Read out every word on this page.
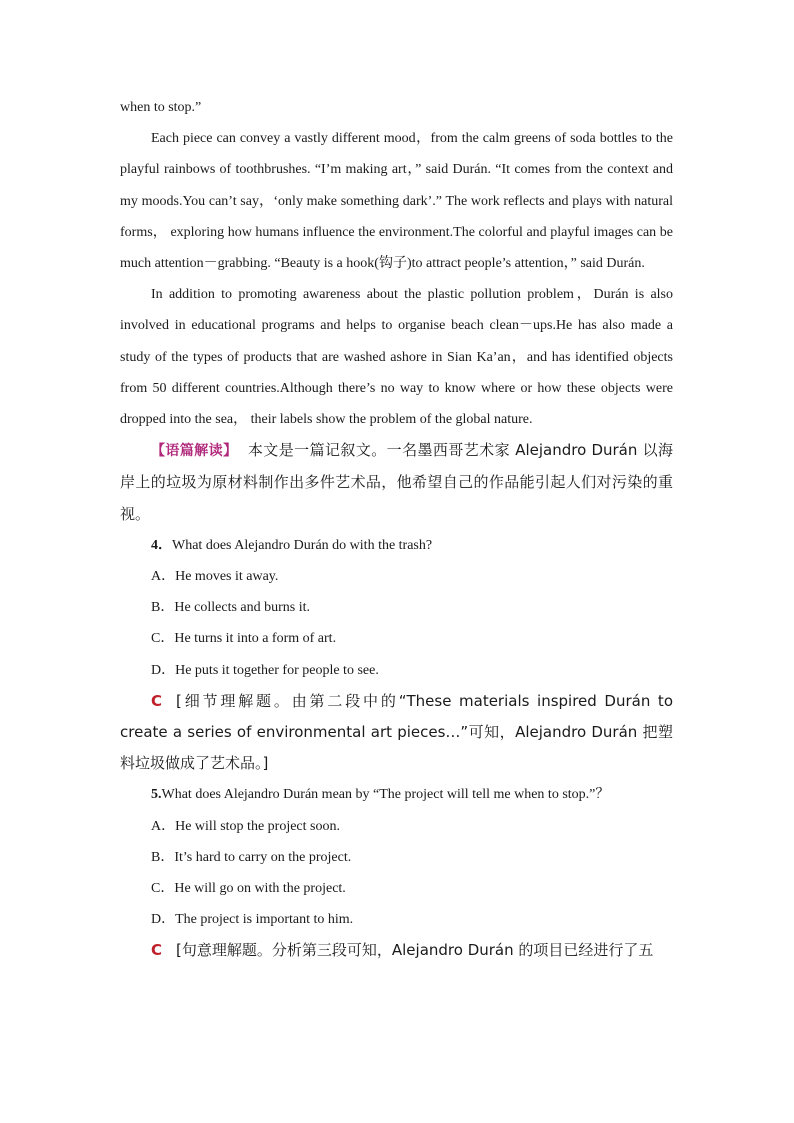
when to stop.”

Each piece can convey a vastly different mood，from the calm greens of soda bottles to the playful rainbows of toothbrushes. “I’m making art，” said Durán. “It comes from the context and my moods.You can’t say，‘only make something dark’.” The work reflects and plays with natural forms， exploring how humans influence the environment.The colorful and playful images can be much attention－grabbing. “Beauty is a hook(钩子)to attract people’s attention，” said Durán.

In addition to promoting awareness about the plastic pollution problem，Durán is also involved in educational programs and helps to organise beach clean－ups.He has also made a study of the types of products that are washed ashore in Sian Ka’an，and has identified objects from 50 different countries.Although there’s no way to know where or how these objects were dropped into the sea， their labels show the problem of the global nature.

【语篇解读】 本文是一篇记叙文。一名墨西哥艺术家 Alejandro Durán 以海岸上的垃圾为原材料制作出多件艺术品，他希望自己的作品能引起人们对污染的重视。

4．What does Alejandro Durán do with the trash?

A．He moves it away.

B．He collects and burns it.

C．He turns it into a form of art.

D．He puts it together for people to see.

C [细节理解题。由第二段中的“These materials inspired Durán to create a series of environmental art pieces…”可知，Alejandro Durán 把塑料垃圾做成了艺术品。]

5.What does Alejandro Durán mean by “The project will tell me when to stop.”？

A．He will stop the project soon.

B．It’s hard to carry on the project.

C．He will go on with the project.

D．The project is important to him.

C [句意理解题。分析第三段可知，Alejandro Durán 的项目已经进行了五
